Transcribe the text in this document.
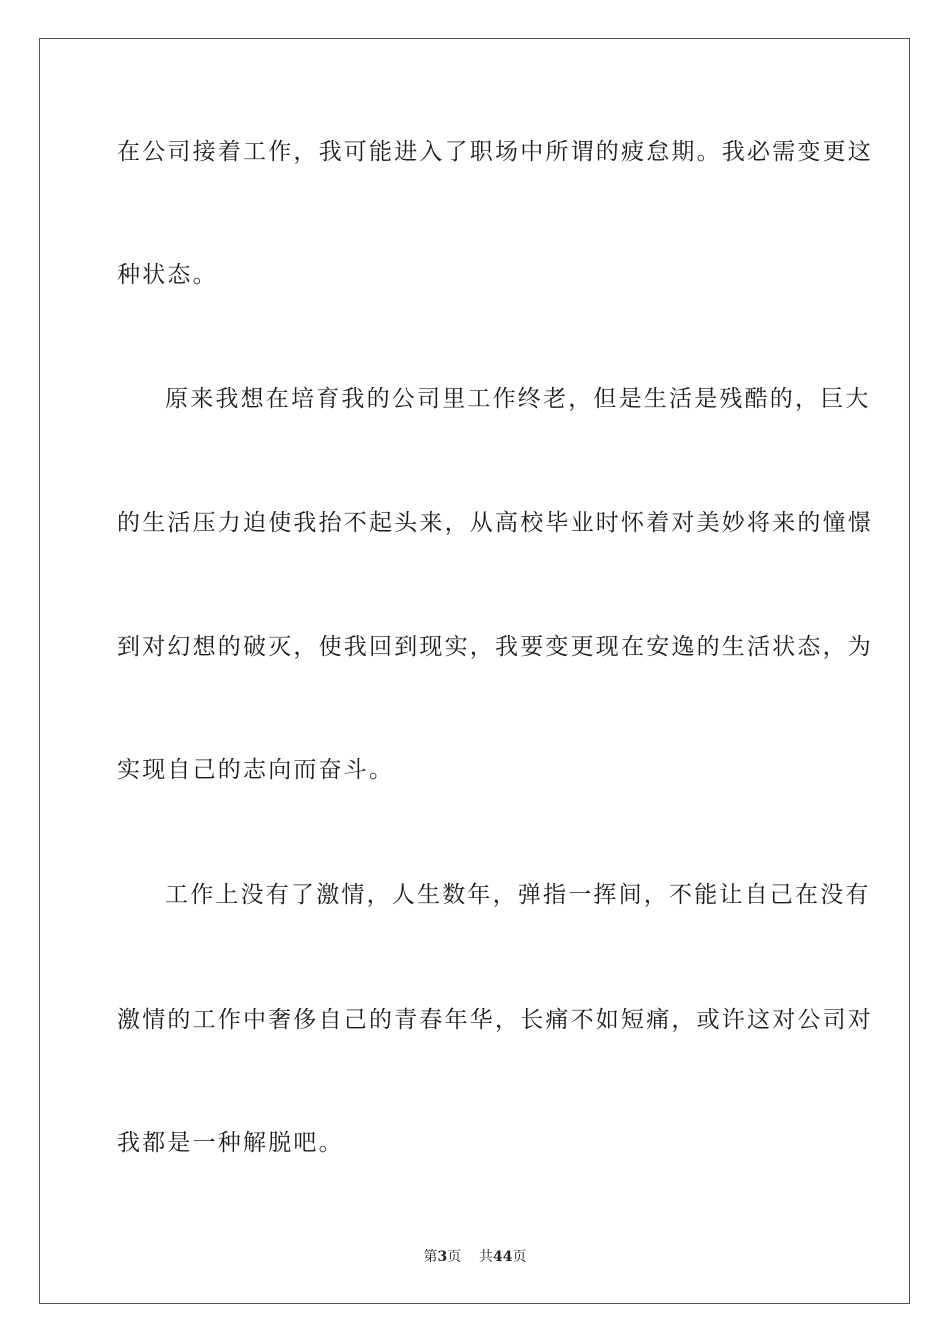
在公司接着工作，我可能进入了职场中所谓的疲怠期。我必需变更这
种状态。
原来我想在培育我的公司里工作终老，但是生活是残酷的，巨大
的生活压力迫使我抬不起头来，从高校毕业时怀着对美妙将来的憧憬
到对幻想的破灭，使我回到现实，我要变更现在安逸的生活状态，为
实现自己的志向而奋斗。
工作上没有了激情，人生数年，弹指一挥间，不能让自己在没有
激情的工作中奢侈自己的青春年华，长痛不如短痛，或许这对公司对
我都是一种解脱吧。
第3页 共44页
